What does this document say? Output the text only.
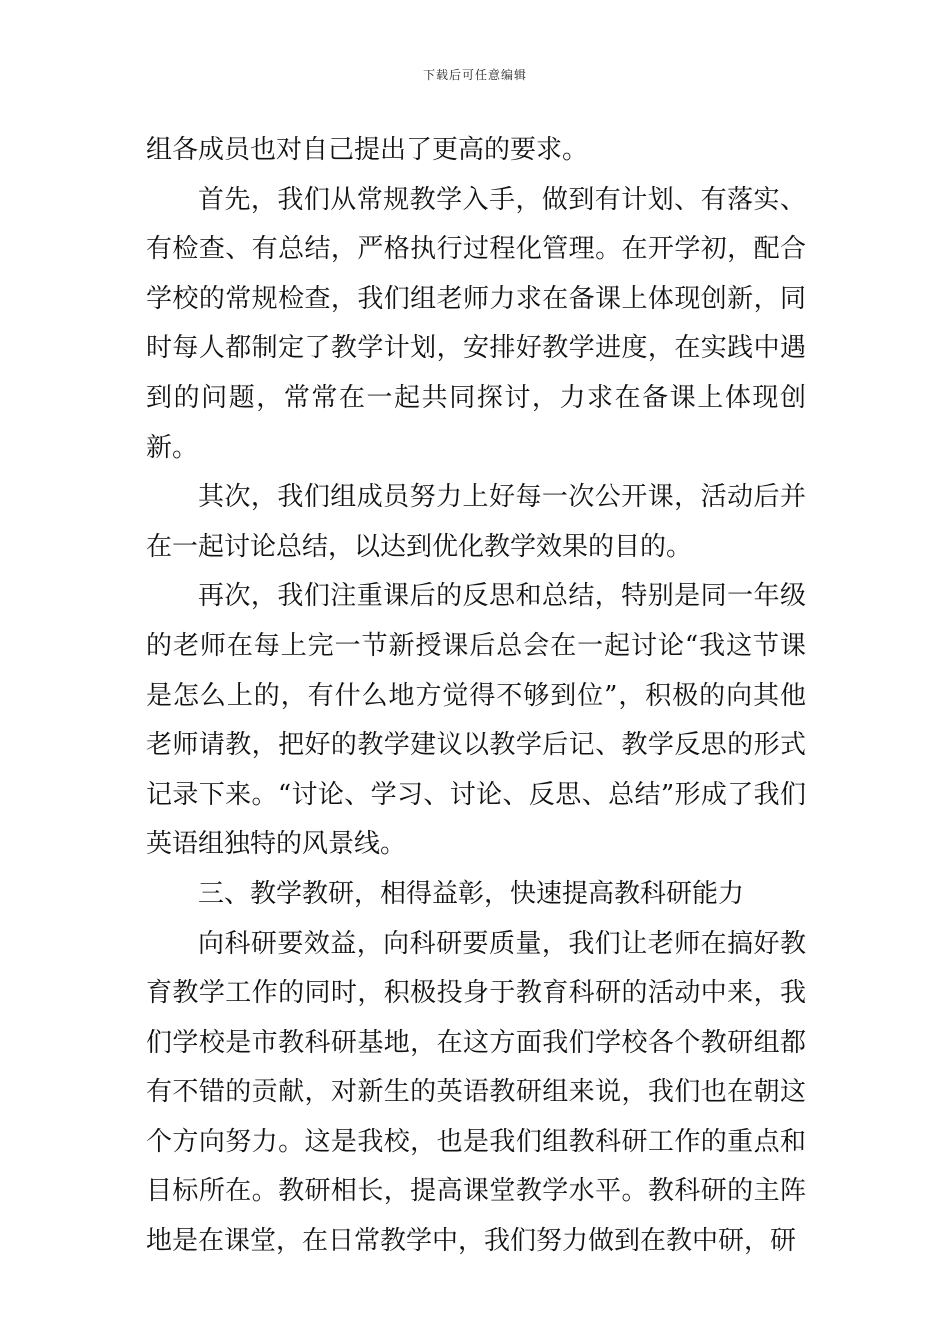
下载后可任意编辑

组各成员也对自己提出了更高的要求。

首先，我们从常规教学入手，做到有计划、有落实、有检查、有总结，严格执行过程化管理。在开学初，配合学校的常规检查，我们组老师力求在备课上体现创新，同时每人都制定了教学计划，安排好教学进度，在实践中遇到的问题，常常在一起共同探讨，力求在备课上体现创新。

其次，我们组成员努力上好每一次公开课，活动后并在一起讨论总结，以达到优化教学效果的目的。

再次，我们注重课后的反思和总结，特别是同一年级的老师在每上完一节新授课后总会在一起讨论“我这节课是怎么上的，有什么地方觉得不够到位”，积极的向其他老师请教，把好的教学建议以教学后记、教学反思的形式记录下来。“讨论、学习、讨论、反思、总结”形成了我们英语组独特的风景线。

三、教学教研，相得益彰，快速提高教科研能力

向科研要效益，向科研要质量，我们让老师在搞好教育教学工作的同时，积极投身于教育科研的活动中来，我们学校是市教科研基地，在这方面我们学校各个教研组都有不错的贡献，对新生的英语教研组来说，我们也在朝这个方向努力。这是我校，也是我们组教科研工作的重点和目标所在。教研相长，提高课堂教学水平。教科研的主阵地是在课堂，在日常教学中，我们努力做到在教中研，研
